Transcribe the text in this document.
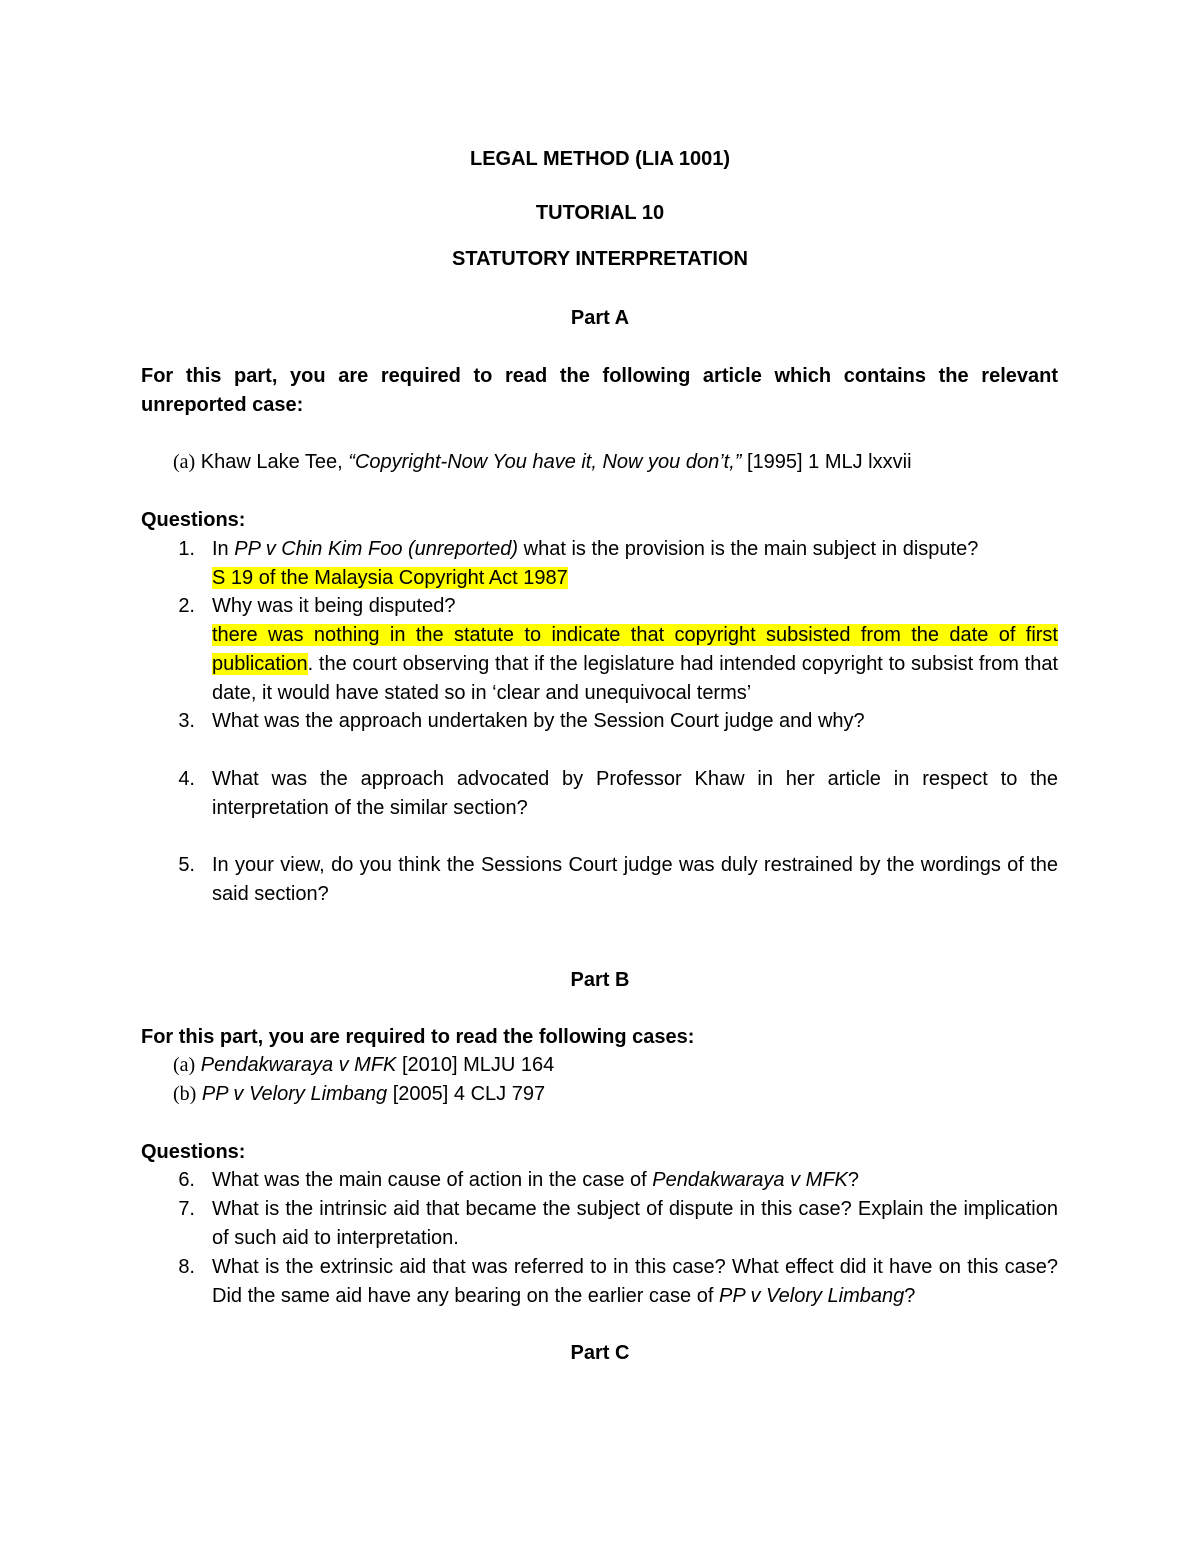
LEGAL METHOD (LIA 1001)
TUTORIAL 10
STATUTORY INTERPRETATION
Part A
For this part, you are required to read the following article which contains the relevant unreported case:
(a) Khaw Lake Tee, “Copyright-Now You have it, Now you don’t,” [1995] 1 MLJ lxxvii
Questions:
1. In PP v Chin Kim Foo (unreported) what is the provision is the main subject in dispute?
S 19 of the Malaysia Copyright Act 1987
2. Why was it being disputed?
there was nothing in the statute to indicate that copyright subsisted from the date of first publication. the court observing that if the legislature had intended copyright to subsist from that date, it would have stated so in ‘clear and unequivocal terms’
3. What was the approach undertaken by the Session Court judge and why?
4. What was the approach advocated by Professor Khaw in her article in respect to the interpretation of the similar section?
5. In your view, do you think the Sessions Court judge was duly restrained by the wordings of the said section?
Part B
For this part, you are required to read the following cases:
(a) Pendakwaraya v MFK [2010] MLJU 164
(b) PP v Velory Limbang [2005] 4 CLJ 797
Questions:
6. What was the main cause of action in the case of Pendakwaraya v MFK?
7. What is the intrinsic aid that became the subject of dispute in this case? Explain the implication of such aid to interpretation.
8. What is the extrinsic aid that was referred to in this case? What effect did it have on this case? Did the same aid have any bearing on the earlier case of PP v Velory Limbang?
Part C
